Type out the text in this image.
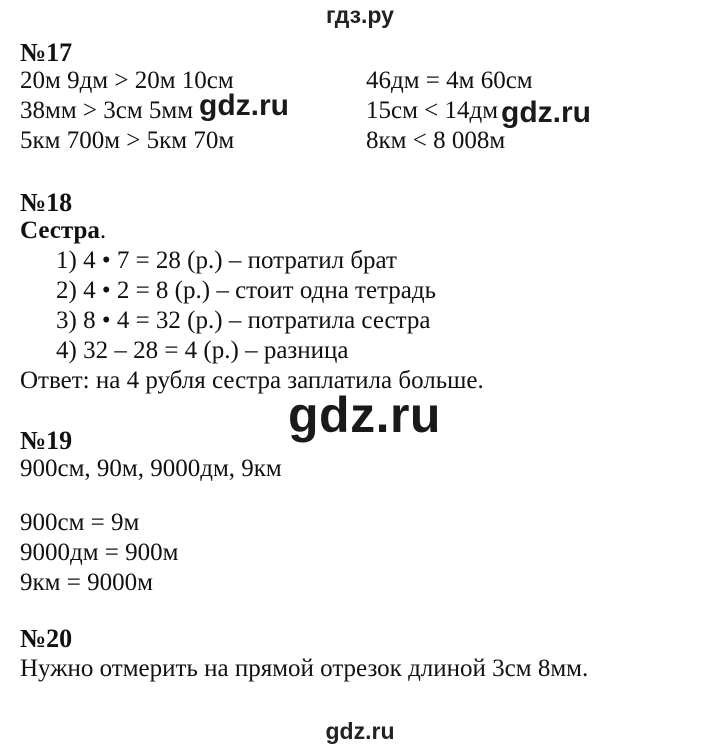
гдз.ру
№17
20м 9дм > 20м 10см
38мм > 3см 5мм
5км 700м > 5км 70м
46дм = 4м 60см
15см < 14дм
8км < 8 008м
gdz.ru	gdz.ru
№18
Сестра.
1) 4 • 7 = 28 (р.) – потратил брат
2) 4 • 2 = 8 (р.) – стоит одна тетрадь
3) 8 • 4 = 32 (р.) – потратила сестра
4) 32 – 28 = 4 (р.) – разница
Ответ: на 4 рубля сестра заплатила больше.
gdz.ru
№19
900см, 90м, 9000дм, 9км
900см = 9м
9000дм = 900м
9км = 9000м
№20
Нужно отмерить на прямой отрезок длиной 3см 8мм.
gdz.ru
